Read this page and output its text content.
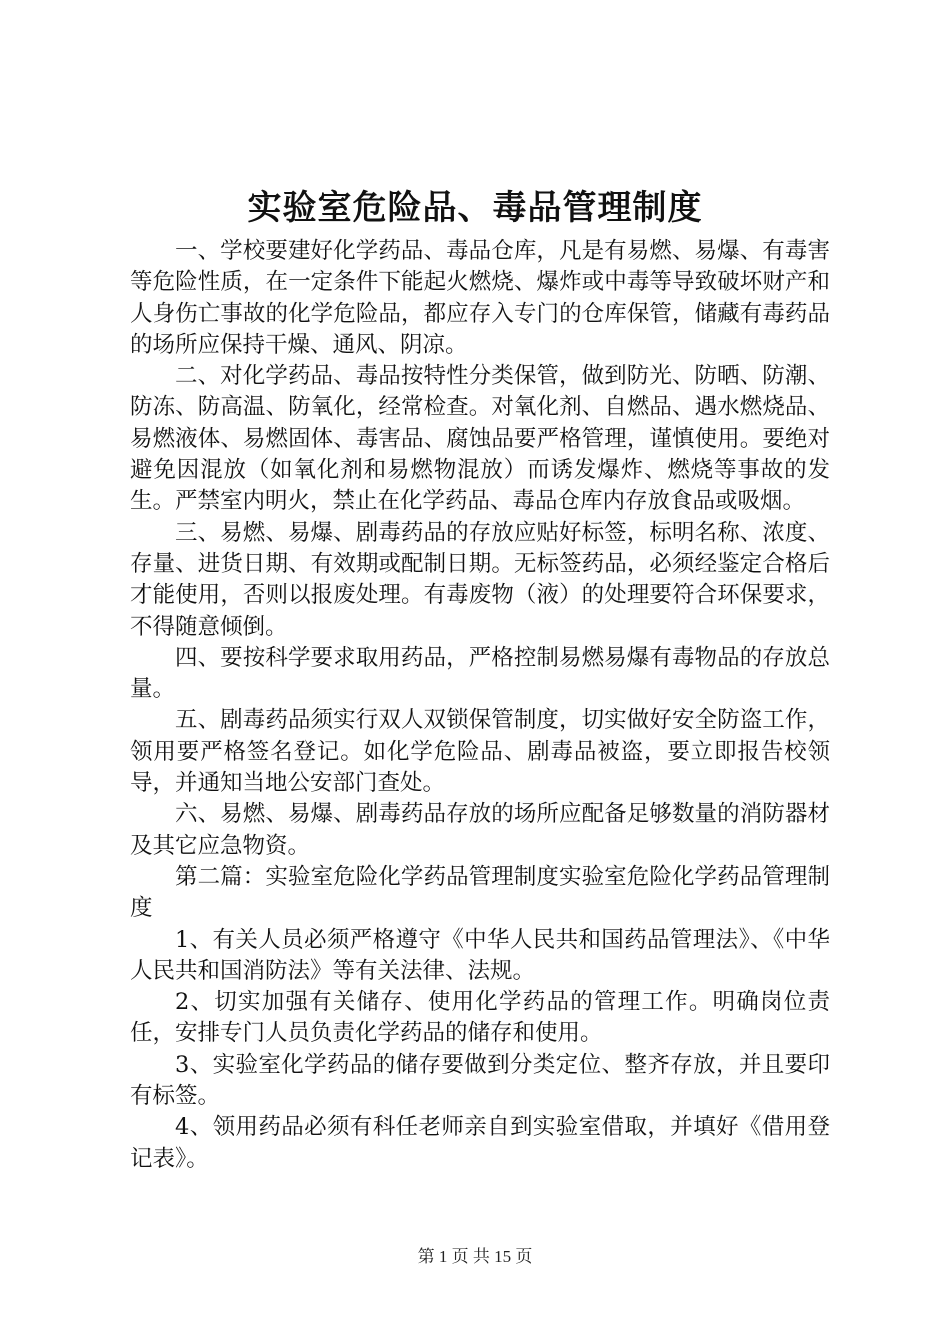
实验室危险品、毒品管理制度

一、学校要建好化学药品、毒品仓库，凡是有易燃、易爆、有毒害等危险性质，在一定条件下能起火燃烧、爆炸或中毒等导致破坏财产和人身伤亡事故的化学危险品，都应存入专门的仓库保管，储藏有毒药品的场所应保持干燥、通风、阴凉。

二、对化学药品、毒品按特性分类保管，做到防光、防晒、防潮、防冻、防高温、防氧化，经常检查。对氧化剂、自燃品、遇水燃烧品、易燃液体、易燃固体、毒害品、腐蚀品要严格管理，谨慎使用。要绝对避免因混放（如氧化剂和易燃物混放）而诱发爆炸、燃烧等事故的发生。严禁室内明火，禁止在化学药品、毒品仓库内存放食品或吸烟。

三、易燃、易爆、剧毒药品的存放应贴好标签，标明名称、浓度、存量、进货日期、有效期或配制日期。无标签药品，必须经鉴定合格后才能使用，否则以报废处理。有毒废物（液）的处理要符合环保要求，不得随意倾倒。

四、要按科学要求取用药品，严格控制易燃易爆有毒物品的存放总量。

五、剧毒药品须实行双人双锁保管制度，切实做好安全防盗工作，领用要严格签名登记。如化学危险品、剧毒品被盗，要立即报告校领导，并通知当地公安部门查处。

六、易燃、易爆、剧毒药品存放的场所应配备足够数量的消防器材及其它应急物资。

第二篇：实验室危险化学药品管理制度实验室危险化学药品管理制度

1、有关人员必须严格遵守《中华人民共和国药品管理法》、《中华人民共和国消防法》等有关法律、法规。

2、切实加强有关储存、使用化学药品的管理工作。明确岗位责任，安排专门人员负责化学药品的储存和使用。

3、实验室化学药品的储存要做到分类定位、整齐存放，并且要印有标签。

4、领用药品必须有科任老师亲自到实验室借取，并填好《借用登记表》。

第 1 页 共 15 页
